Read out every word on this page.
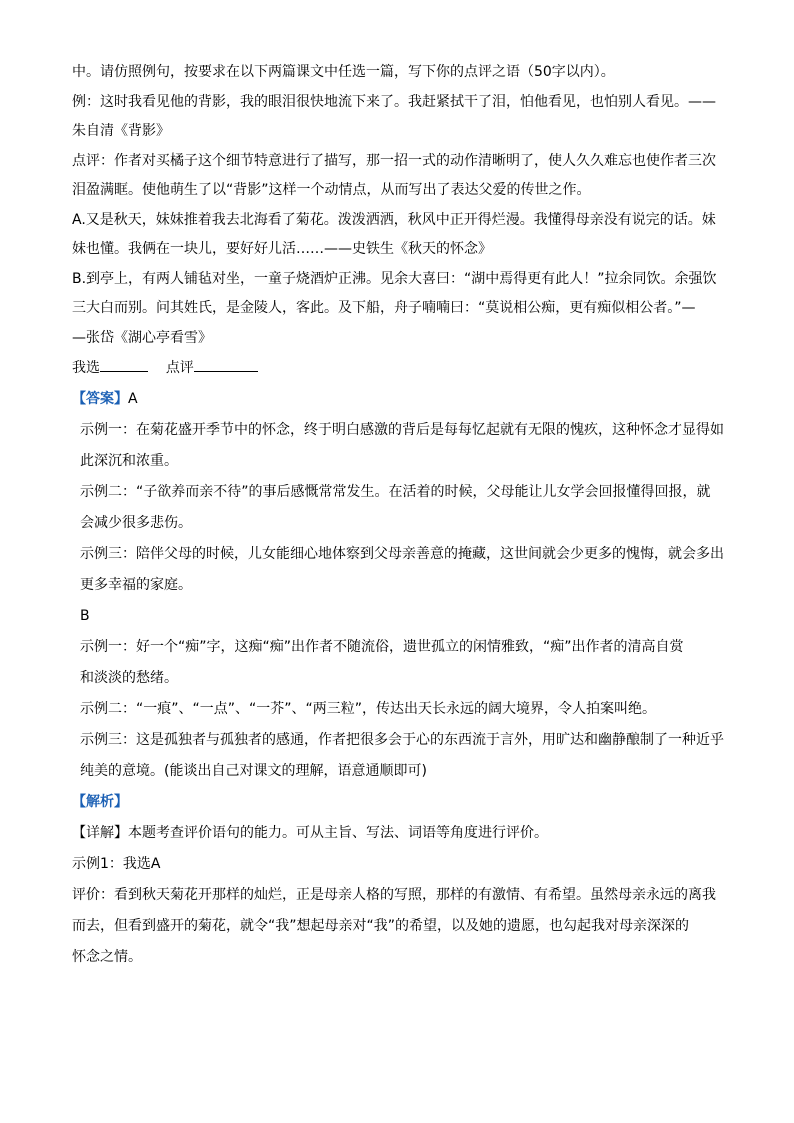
中。请仿照例句，按要求在以下两篇课文中任选一篇，写下你的点评之语（50字以内）。

例：这时我看见他的背影，我的眼泪很快地流下来了。我赶紧拭干了泪，怕他看见，也怕别人看见。——

朱自清《背影》

点评：作者对买橘子这个细节特意进行了描写，那一招一式的动作清晰明了，使人久久难忘也使作者三次

泪盈满眶。使他萌生了以“背影”这样一个动情点，从而写出了表达父爱的传世之作。

A.又是秋天，妹妹推着我去北海看了菊花。泼泼洒洒，秋风中正开得烂漫。我懂得母亲没有说完的话。妹

妹也懂。我俩在一块儿，要好好儿活……——史铁生《秋天的怀念》

B.到亭上，有两人铺毡对坐，一童子烧酒炉正沸。见余大喜曰：“湖中焉得更有此人！”拉余同饮。余强饮

三大白而别。问其姓氏，是金陵人，客此。及下船，舟子喃喃曰：“莫说相公痴，更有痴似相公者。”—

—张岱《湖心亭看雪》

我选	点评

【答案】A

示例一：在菊花盛开季节中的怀念，终于明白感激的背后是每每忆起就有无限的愧疚，这种怀念才显得如

此深沉和浓重。

示例二：“子欲养而亲不待”的事后感慨常常发生。在活着的时候，父母能让儿女学会回报懂得回报，就

会减少很多悲伤。

示例三：陪伴父母的时候，儿女能细心地体察到父母亲善意的掩藏，这世间就会少更多的愧悔，就会多出

更多幸福的家庭。

B

示例一：好一个“痴”字，这痴“痴”出作者不随流俗，遗世孤立的闲情雅致，“痴”出作者的清高自赏

和淡淡的愁绪。

示例二：“一痕”、“一点”、“一芥”、“两三粒”，传达出天长永远的阔大境界，令人拍案叫绝。

示例三：这是孤独者与孤独者的感通，作者把很多会于心的东西流于言外，用旷达和幽静酿制了一种近乎

纯美的意境。(能谈出自己对课文的理解，语意通顺即可)

【解析】

【详解】本题考查评价语句的能力。可从主旨、写法、词语等角度进行评价。

示例1：我选A

评价：看到秋天菊花开那样的灿烂，正是母亲人格的写照，那样的有激情、有希望。虽然母亲永远的离我

而去，但看到盛开的菊花，就令“我”想起母亲对“我”的希望，以及她的遗愿，也勾起我对母亲深深的

怀念之情。
